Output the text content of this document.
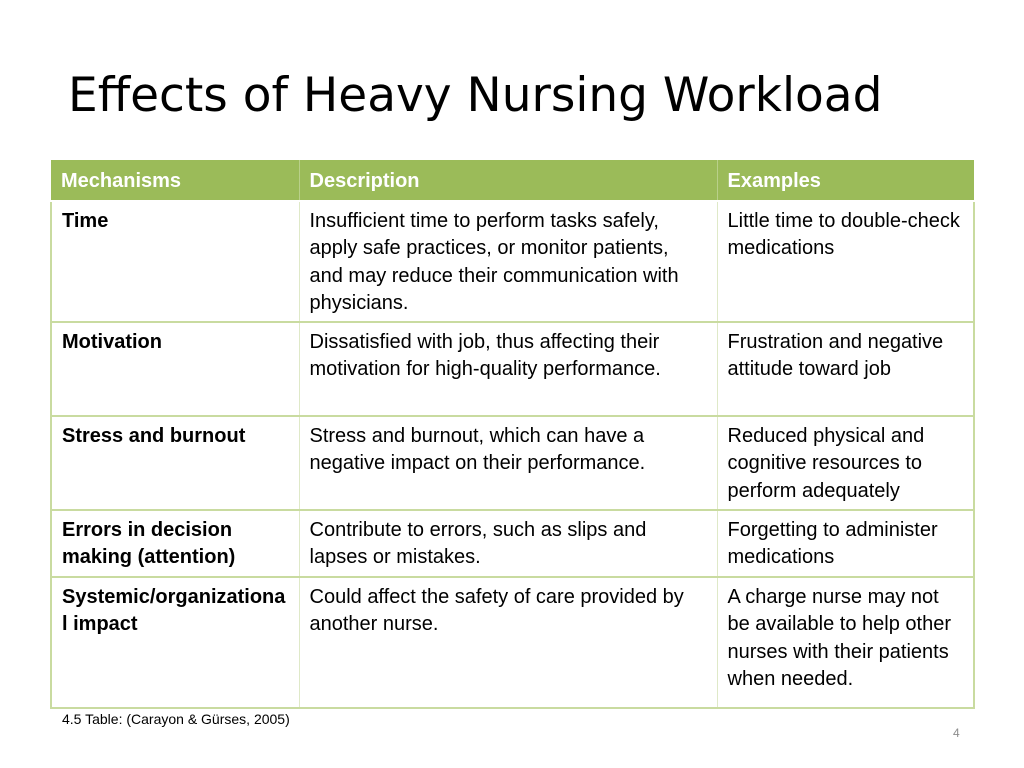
Effects of Heavy Nursing Workload
Mechanisms	Description	Examples
Time	Insufficient time to perform tasks safely, apply safe practices, or monitor patients, and may reduce their communication with physicians.	Little time to double-check medications
Motivation	Dissatisfied with job, thus affecting their motivation for high-quality performance.	Frustration and negative attitude toward job
Stress and burnout	Stress and burnout, which can have a negative impact on their performance.	Reduced physical and cognitive resources to perform adequately
Errors in decision making (attention)	Contribute to errors, such as slips and lapses or mistakes.	Forgetting to administer medications
Systemic/organizational impact	Could affect the safety of care provided by another nurse.	A charge nurse may not be available to help other nurses with their patients when needed.
4.5 Table: (Carayon & Gürses, 2005)
4
